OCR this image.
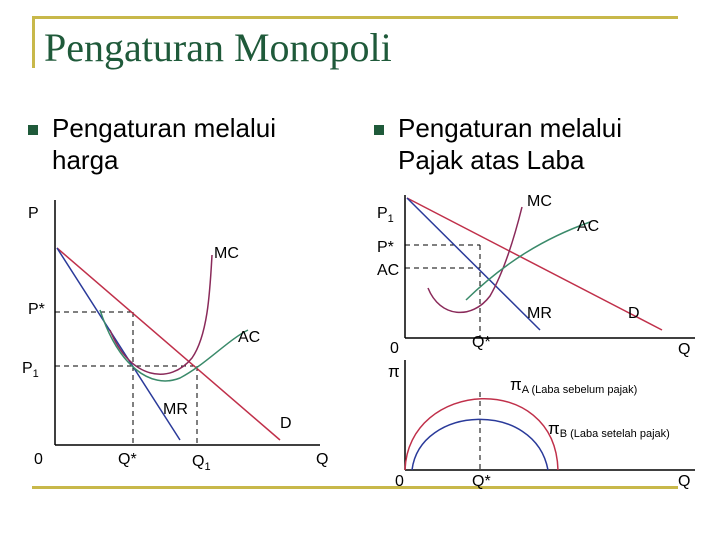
Pengaturan Monopoli
Pengaturan melalui
harga
Pengaturan melalui
Pajak atas Laba
P
MC
P*
AC
$P_1$
MR
D
0	Q*	$Q_1$	Q
$P_1$
MC
AC
P*
AC
MR	D
0	Q*	Q
π
πA (Laba sebelum pajak)
πB (Laba setelah pajak)
0	Q*	Q
